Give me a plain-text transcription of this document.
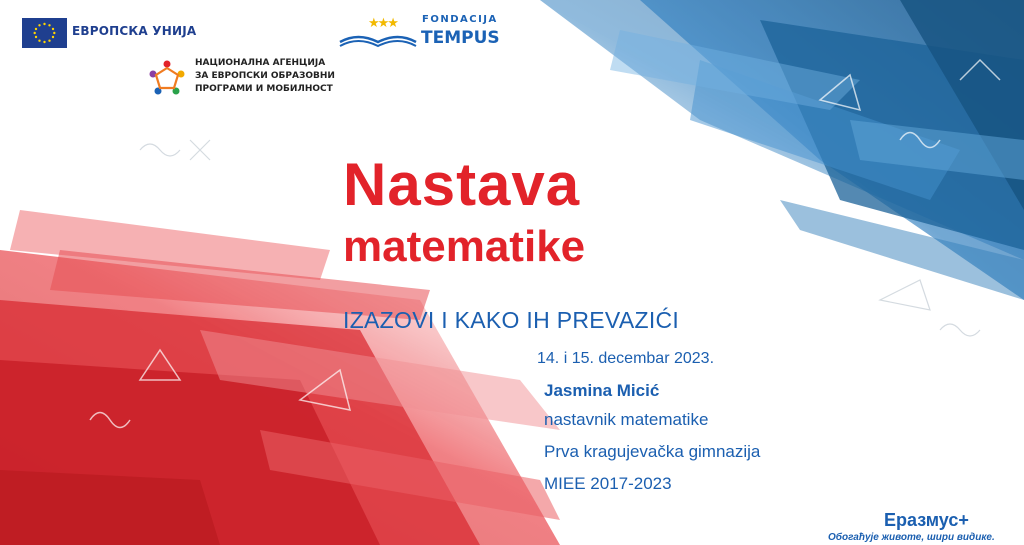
ЕВРОПСКА УНИЈА	★★★	FONDACIJA
TEMPUS
НАЦИОНАЛНА АГЕНЦИЈА
ЗА ЕВРОПСКИ ОБРАЗОВНИ
ПРОГРАМИ И МОБИЛНОСТ
Nastava
matematike
IZAZOVI I KAKO IH PREVAZIĆI
14. i 15. decembar 2023.
Jasmina Micić
nastavnik matematike
Prva kragujevačka gimnazija
MIEE 2017-2023
Еразмус+
Обогаћује животе, шири видике.
